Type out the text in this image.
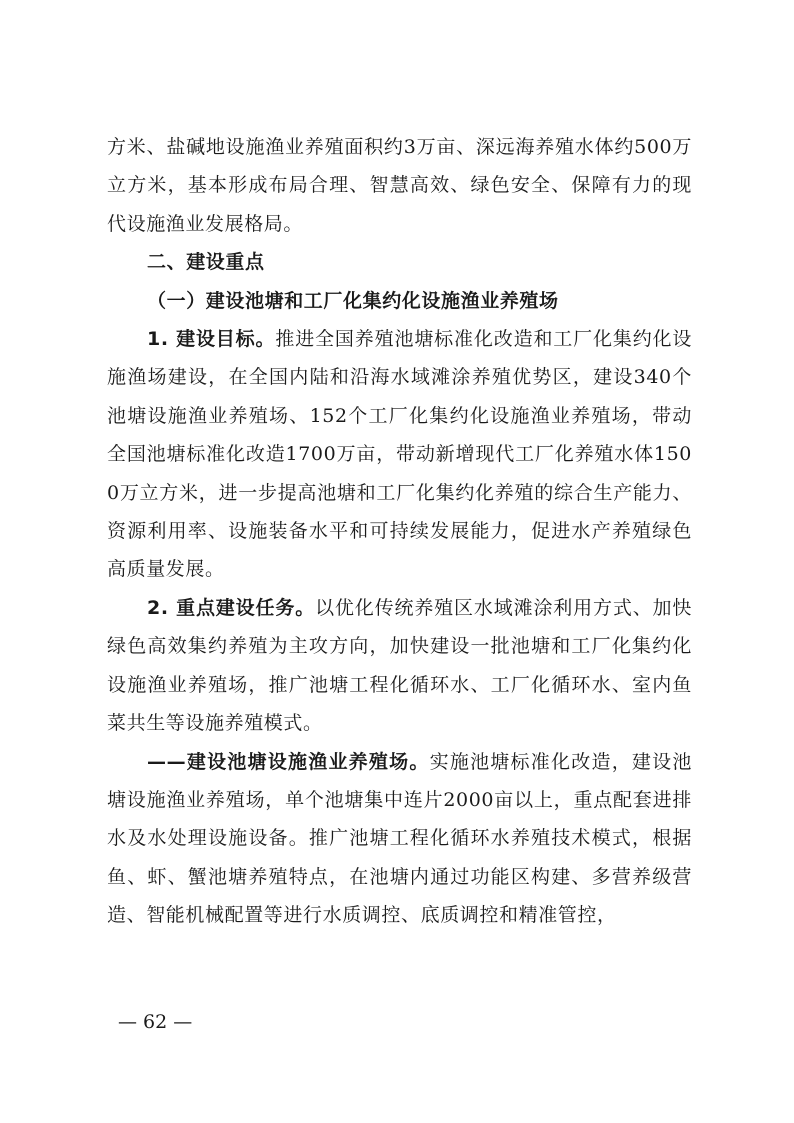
方米、盐碱地设施渔业养殖面积约3万亩、深远海养殖水体约500万立方米，基本形成布局合理、智慧高效、绿色安全、保障有力的现代设施渔业发展格局。

二、建设重点

（一）建设池塘和工厂化集约化设施渔业养殖场

1. 建设目标。推进全国养殖池塘标准化改造和工厂化集约化设施渔场建设，在全国内陆和沿海水域滩涂养殖优势区，建设340个池塘设施渔业养殖场、152个工厂化集约化设施渔业养殖场，带动全国池塘标准化改造1700万亩，带动新增现代工厂化养殖水体1500万立方米，进一步提高池塘和工厂化集约化养殖的综合生产能力、资源利用率、设施装备水平和可持续发展能力，促进水产养殖绿色高质量发展。

2. 重点建设任务。以优化传统养殖区水域滩涂利用方式、加快绿色高效集约养殖为主攻方向，加快建设一批池塘和工厂化集约化设施渔业养殖场，推广池塘工程化循环水、工厂化循环水、室内鱼菜共生等设施养殖模式。

——建设池塘设施渔业养殖场。实施池塘标准化改造，建设池塘设施渔业养殖场，单个池塘集中连片2000亩以上，重点配套进排水及水处理设施设备。推广池塘工程化循环水养殖技术模式，根据鱼、虾、蟹池塘养殖特点，在池塘内通过功能区构建、多营养级营造、智能机械配置等进行水质调控、底质调控和精准管控，

— 62 —
